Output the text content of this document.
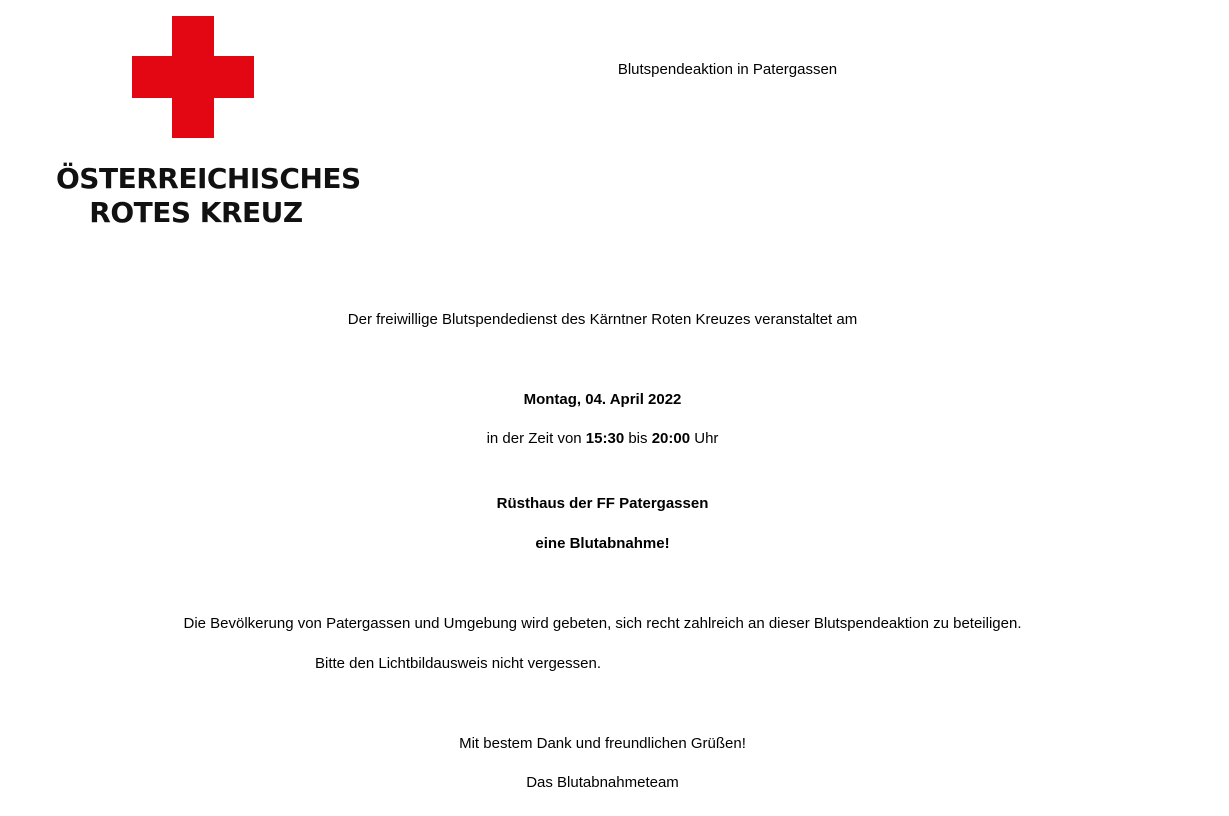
ÖSTERREICHISCHES
ROTES KREUZ
Blutspendeaktion in Patergassen
Der freiwillige Blutspendedienst des Kärntner Roten Kreuzes veranstaltet am
Montag, 04. April 2022
in der Zeit von 15:30 bis 20:00 Uhr
Rüsthaus der FF Patergassen
eine Blutabnahme!
Die Bevölkerung von Patergassen und Umgebung wird gebeten, sich recht zahlreich an dieser Blutspendeaktion zu beteiligen.
Bitte den Lichtbildausweis nicht vergessen.
Mit bestem Dank und freundlichen Grüßen!
Das Blutabnahmeteam
